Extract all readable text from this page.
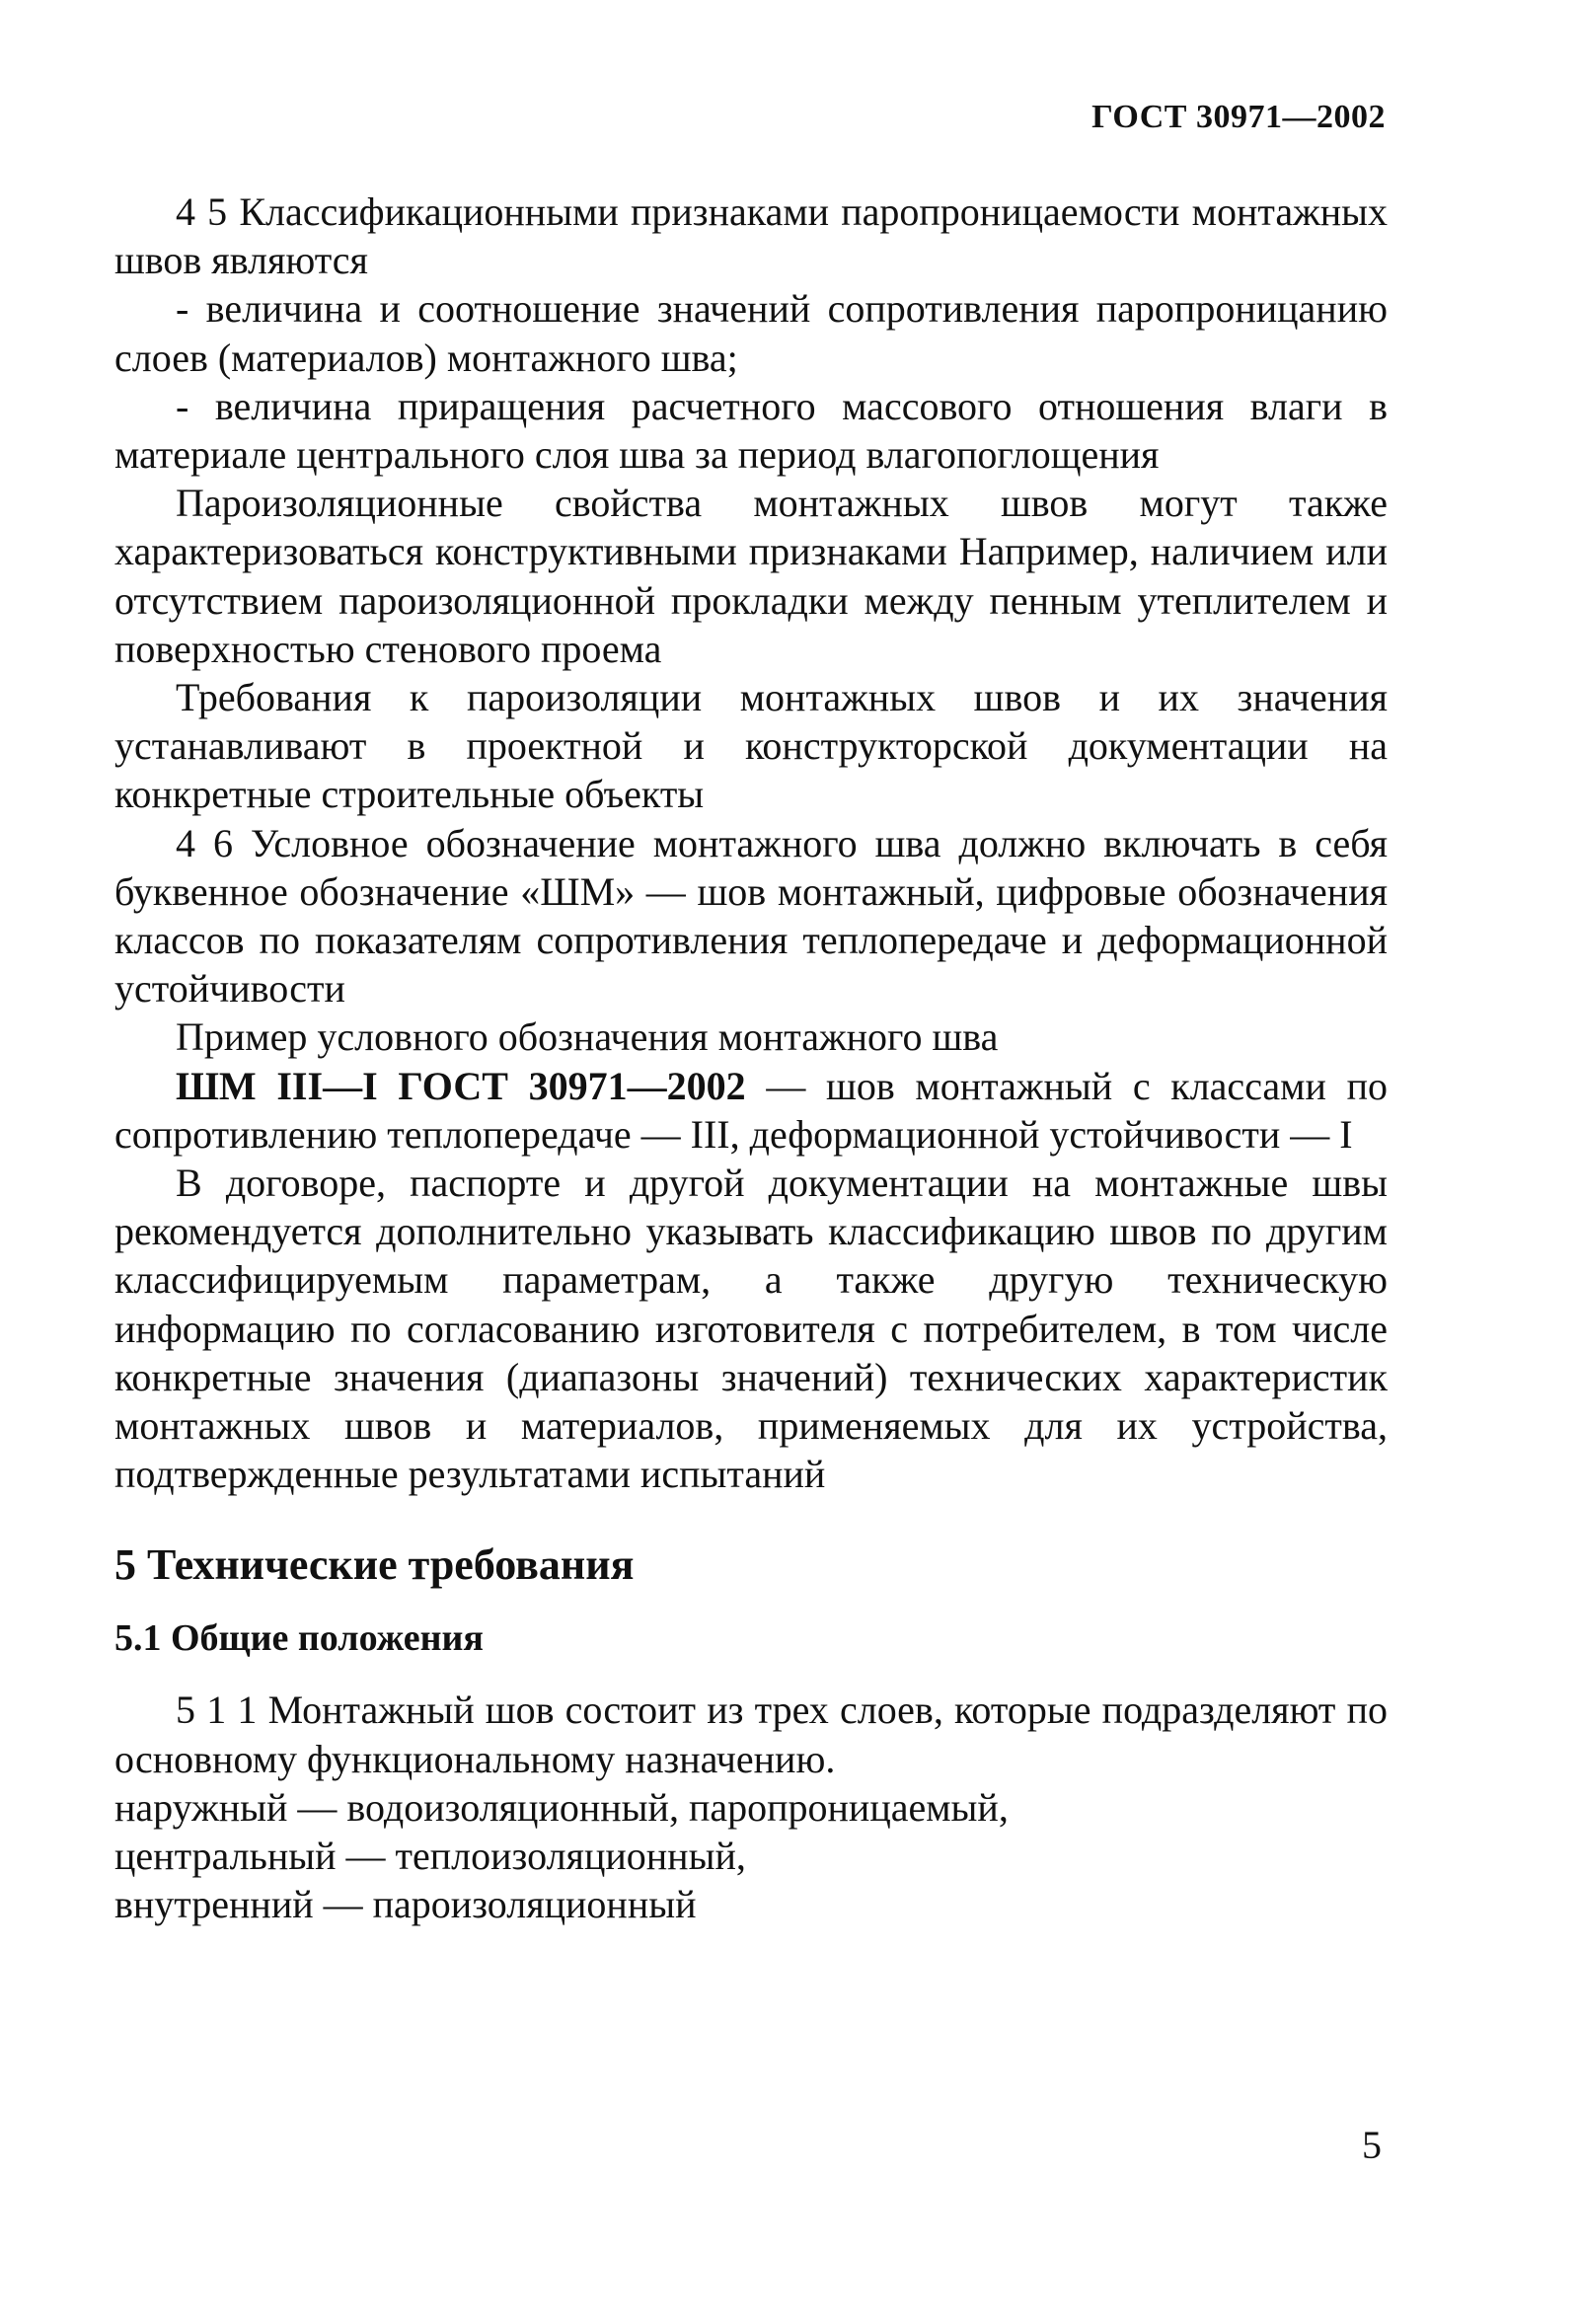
ГОСТ 30971—2002

4 5 Классификационными признаками паропроницаемости монтажных швов являются

- величина и соотношение значений сопротивления паропроницанию слоев (материалов) монтажного шва;

- величина приращения расчетного массового отношения влаги в материале центрального слоя шва за период влагопоглощения

Пароизоляционные свойства монтажных швов могут также характеризоваться конструктивными признаками Например, наличием или отсутствием пароизоляционной прокладки между пенным утеплителем и поверхностью стенового проема

Требования к пароизоляции монтажных швов и их значения устанавливают в проектной и конструкторской документации на конкретные строительные объекты

4 6 Условное обозначение монтажного шва должно включать в себя буквенное обозначение «ШМ» — шов монтажный, цифровые обозначения классов по показателям сопротивления теплопередаче и деформационной устойчивости

Пример условного обозначения монтажного шва

ШМ III—I ГОСТ 30971—2002 — шов монтажный с классами по сопротивлению теплопередаче — III, деформационной устойчивости — I

В договоре, паспорте и другой документации на монтажные швы рекомендуется дополнительно указывать классификацию швов по другим классифицируемым параметрам, а также другую техническую информацию по согласованию изготовителя с потребителем, в том числе конкретные значения (диапазоны значений) технических характеристик монтажных швов и материалов, применяемых для их устройства, подтвержденные результатами испытаний

5 Технические требования
5.1 Общие положения

5 1 1 Монтажный шов состоит из трех слоев, которые подразделяют по основному функциональному назначению.

наружный — водоизоляционный, паропроницаемый,

центральный — теплоизоляционный,

внутренний — пароизоляционный

5
